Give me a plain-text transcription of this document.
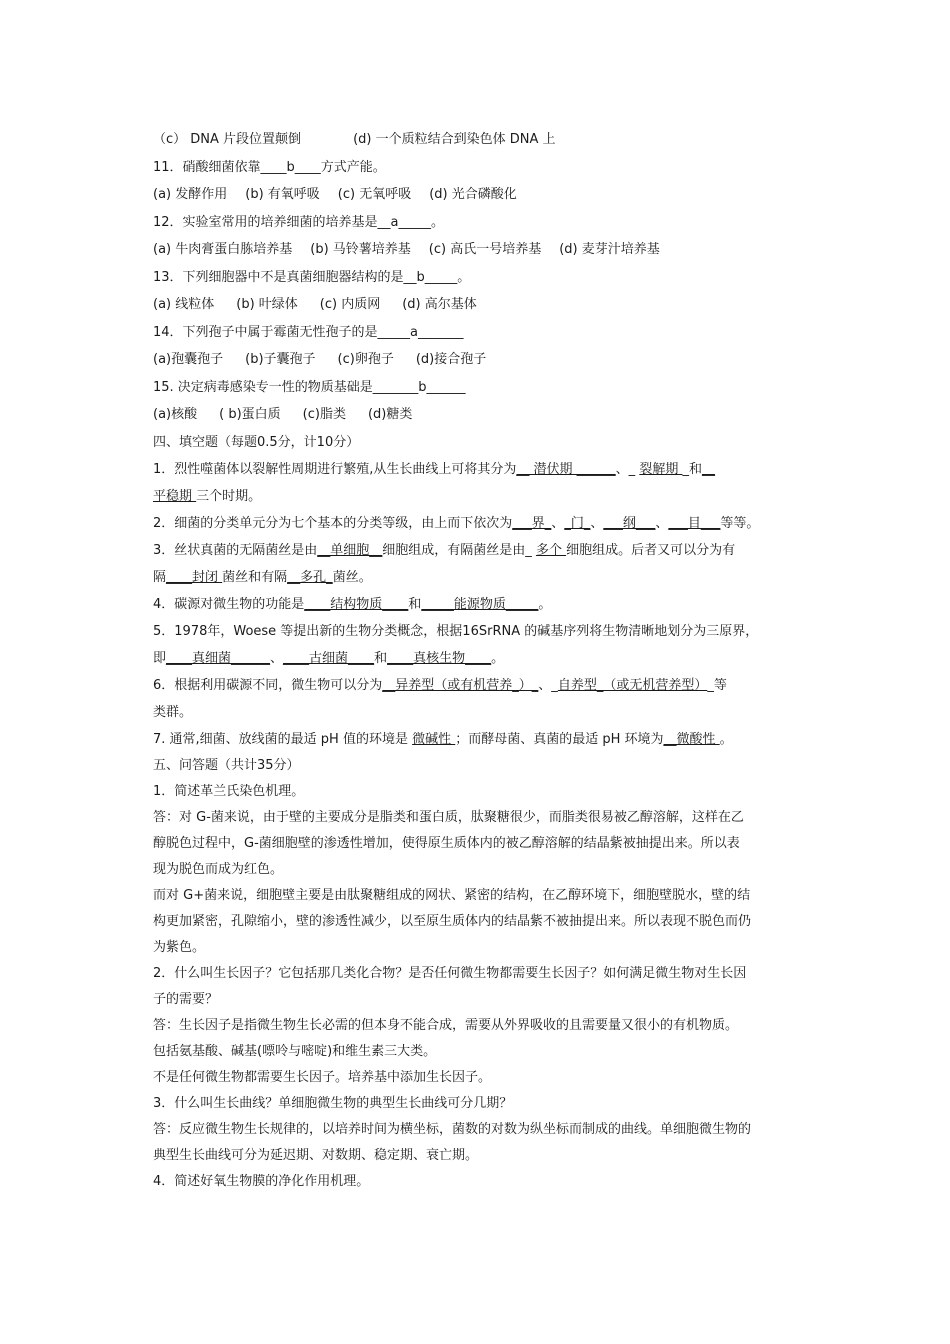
（c） DNA 片段位置颠倒	(d) 一个质粒结合到染色体 DNA 上
11．硝酸细菌依靠____b____方式产能。
(a) 发酵作用 (b) 有氧呼吸 (c) 无氧呼吸 (d) 光合磷酸化
12．实验室常用的培养细菌的培养基是__a_____。
(a) 牛肉膏蛋白胨培养基 (b) 马铃薯培养基 (c) 高氏一号培养基 (d) 麦芽汁培养基
13．下列细胞器中不是真菌细胞器结构的是__b_____。
(a) 线粒体 (b) 叶绿体 (c) 内质网 (d) 高尔基体
14．下列孢子中属于霉菌无性孢子的是_____a_______
(a)孢囊孢子 (b)子囊孢子 (c)卵孢子 (d)接合孢子
15. 决定病毒感染专一性的物质基础是_______b______
(a)核酸 ( b)蛋白质 (c)脂类 (d)糖类
四、填空题（每题0.5分，计10分）
1．烈性噬菌体以裂解性周期进行繁殖,从生长曲线上可将其分为__ 潜伏期 ______、_ 裂解期 _和__
平稳期 三个时期。
2．细菌的分类单元分为七个基本的分类等级，由上而下依次为___界_、_门_、___纲___、___目___等等。
3．丝状真菌的无隔菌丝是由__单细胞__细胞组成，有隔菌丝是由_ 多个 细胞组成。后者又可以分为有
隔____封闭 菌丝和有隔__多孔_菌丝。
4．碳源对微生物的功能是____结构物质____和_____能源物质_____。
5．1978年，Woese 等提出新的生物分类概念，根据16SrRNA 的碱基序列将生物清晰地划分为三原界，
即____真细菌______、____古细菌____和____真核生物____。
6．根据利用碳源不同，微生物可以分为__异养型（或有机营养_）_、_自养型_（或无机营养型）_等
类群。
7. 通常,细菌、放线菌的最适 pH 值的环境是 微碱性 ；而酵母菌、真菌的最适 pH 环境为__微酸性 。
五、问答题（共计35分）
1．简述革兰氏染色机理。
答：对 G-菌来说，由于壁的主要成分是脂类和蛋白质，肽聚糖很少，而脂类很易被乙醇溶解，这样在乙
醇脱色过程中，G-菌细胞壁的渗透性增加，使得原生质体内的被乙醇溶解的结晶紫被抽提出来。所以表
现为脱色而成为红色。
而对 G+菌来说，细胞壁主要是由肽聚糖组成的网状、紧密的结构，在乙醇环境下，细胞壁脱水，壁的结
构更加紧密，孔隙缩小，壁的渗透性减少，以至原生质体内的结晶紫不被抽提出来。所以表现不脱色而仍
为紫色。
2．什么叫生长因子？它包括那几类化合物？是否任何微生物都需要生长因子？如何满足微生物对生长因
子的需要？
答：生长因子是指微生物生长必需的但本身不能合成，需要从外界吸收的且需要量又很小的有机物质。
包括氨基酸、碱基(嘌呤与嘧啶)和维生素三大类。
不是任何微生物都需要生长因子。培养基中添加生长因子。
3．什么叫生长曲线？单细胞微生物的典型生长曲线可分几期？
答：反应微生物生长规律的，以培养时间为横坐标，菌数的对数为纵坐标而制成的曲线。单细胞微生物的
典型生长曲线可分为延迟期、对数期、稳定期、衰亡期。
4．简述好氧生物膜的净化作用机理。
